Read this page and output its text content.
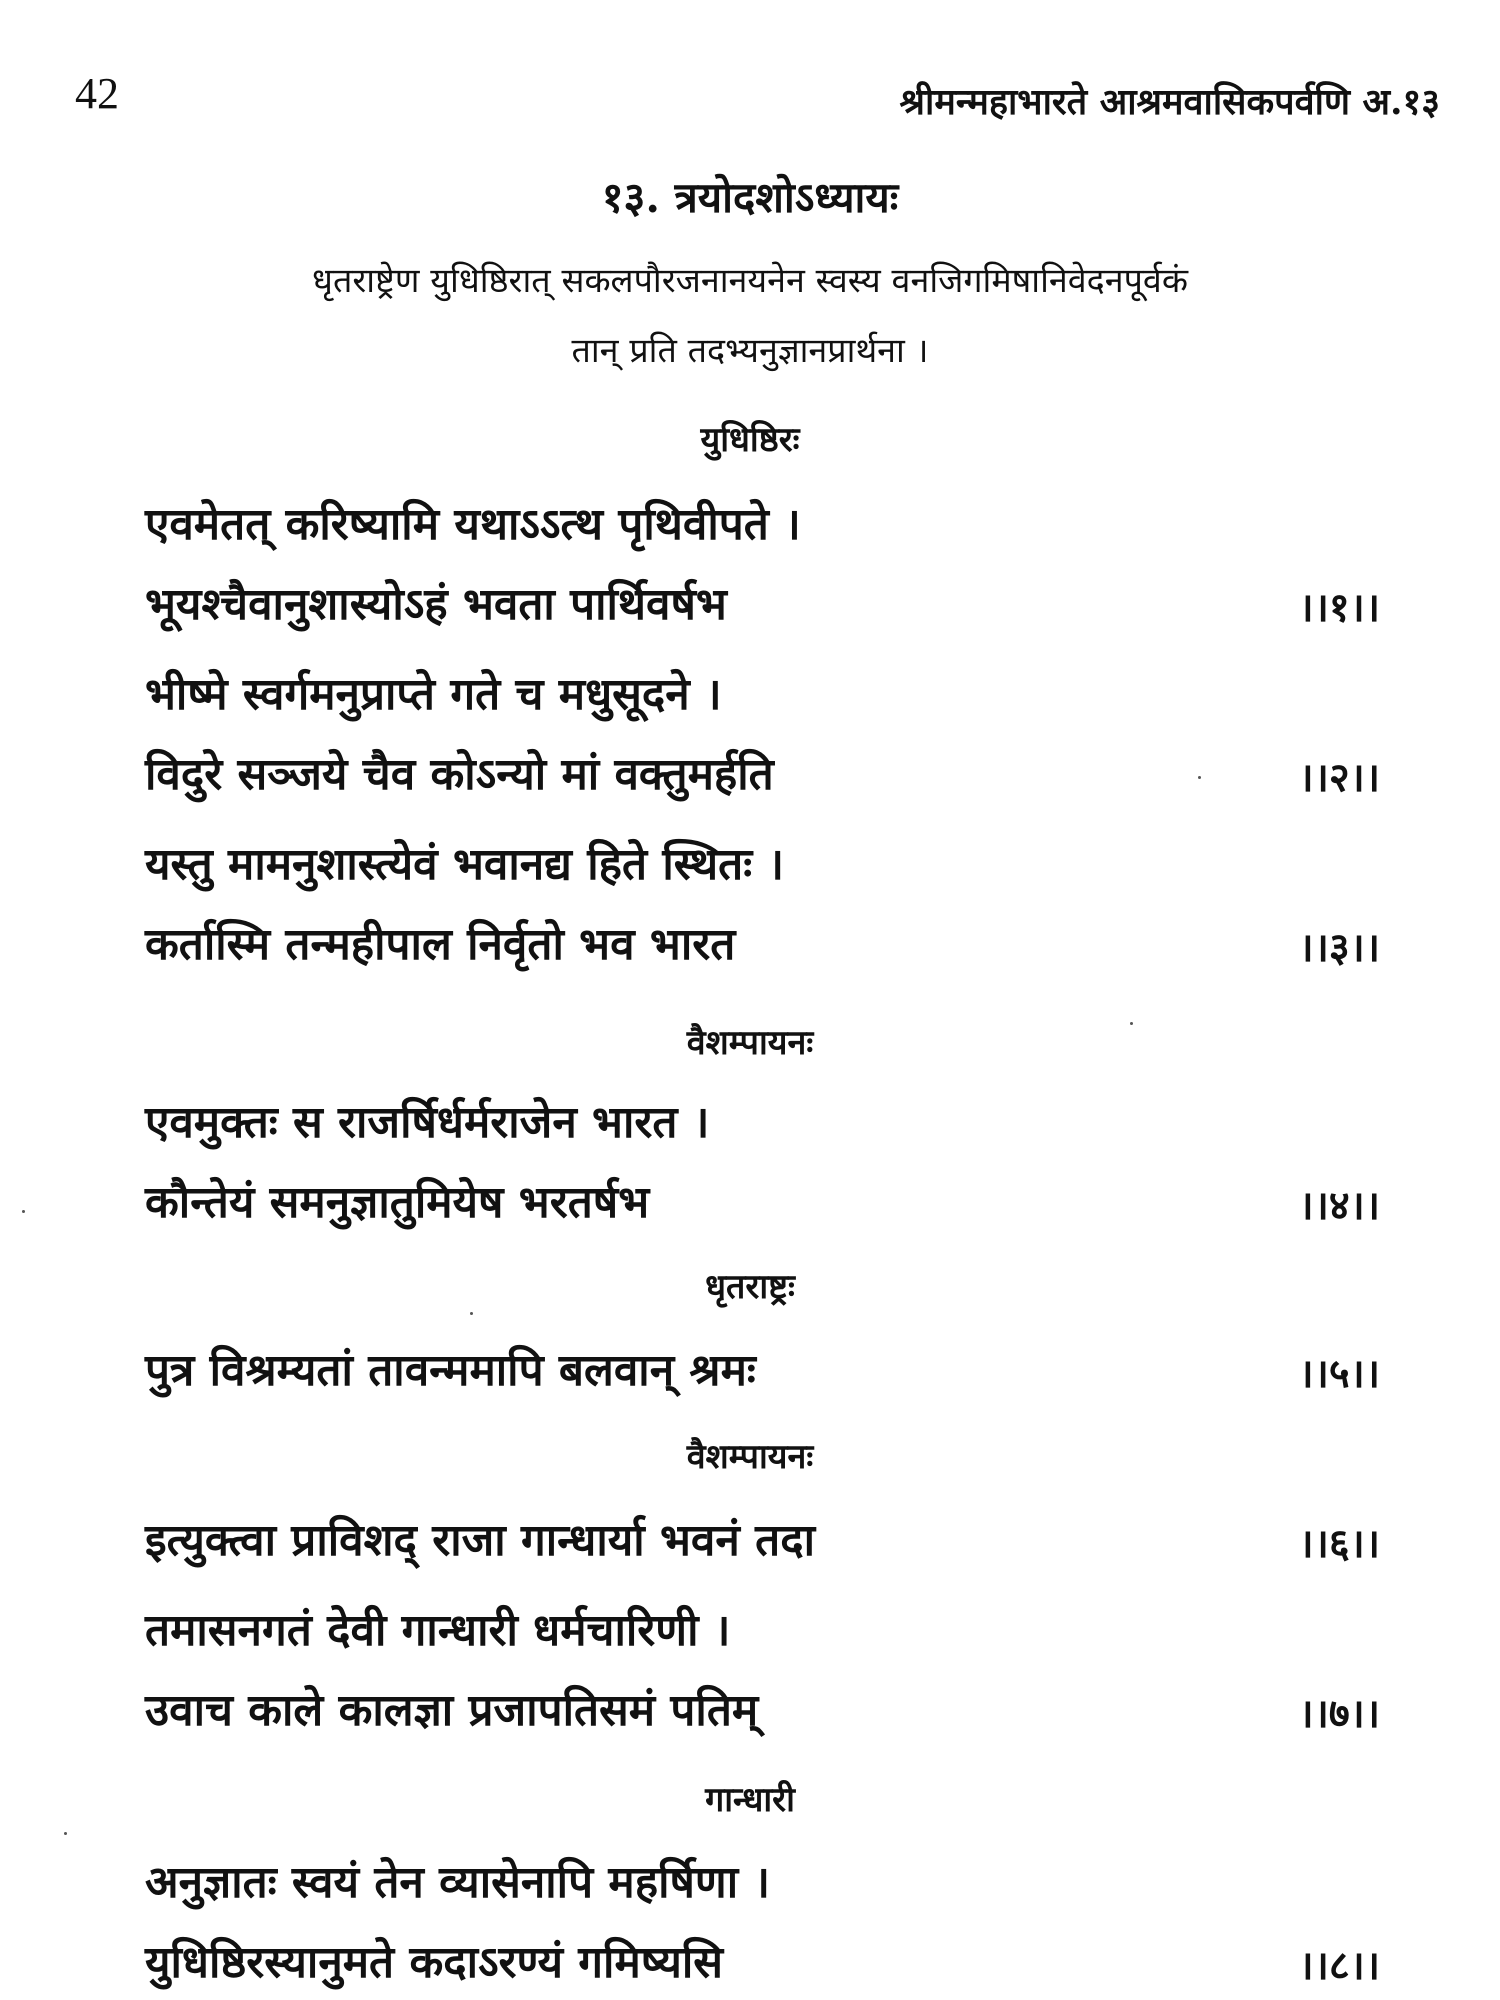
42	श्रीमन्महाभारते आश्रमवासिकपर्वणि अ.१३
१३. त्रयोदशोऽध्यायः
धृतराष्ट्रेण युधिष्ठिरात् सकलपौरजनानयनेन स्वस्य वनजिगमिषानिवेदनपूर्वकं
तान् प्रति तदभ्यनुज्ञानप्रार्थना ।
युधिष्ठिरः
एवमेतत् करिष्यामि यथाऽऽत्थ पृथिवीपते ।
भूयश्चैवानुशास्योऽहं भवता पार्थिवर्षभ	।।१।।
भीष्मे स्वर्गमनुप्राप्ते गते च मधुसूदने ।
विदुरे सञ्जये चैव कोऽन्यो मां वक्तुमर्हति	।।२।।
यस्तु मामनुशास्त्येवं भवानद्य हिते स्थितः ।
कर्तास्मि तन्महीपाल निर्वृतो भव भारत	।।३।।
वैशम्पायनः
एवमुक्तः स राजर्षिर्धर्मराजेन भारत ।
कौन्तेयं समनुज्ञातुमियेष भरतर्षभ	।।४।।
धृतराष्ट्रः
पुत्र विश्रम्यतां तावन्ममापि बलवान् श्रमः	।।५।।
वैशम्पायनः
इत्युक्त्वा प्राविशद् राजा गान्धार्या भवनं तदा	।।६।।
तमासनगतं देवी गान्धारी धर्मचारिणी ।
उवाच काले कालज्ञा प्रजापतिसमं पतिम्	।।७।।
गान्धारी
अनुज्ञातः स्वयं तेन व्यासेनापि महर्षिणा ।
युधिष्ठिरस्यानुमते कदाऽरण्यं गमिष्यसि	।।८।।
